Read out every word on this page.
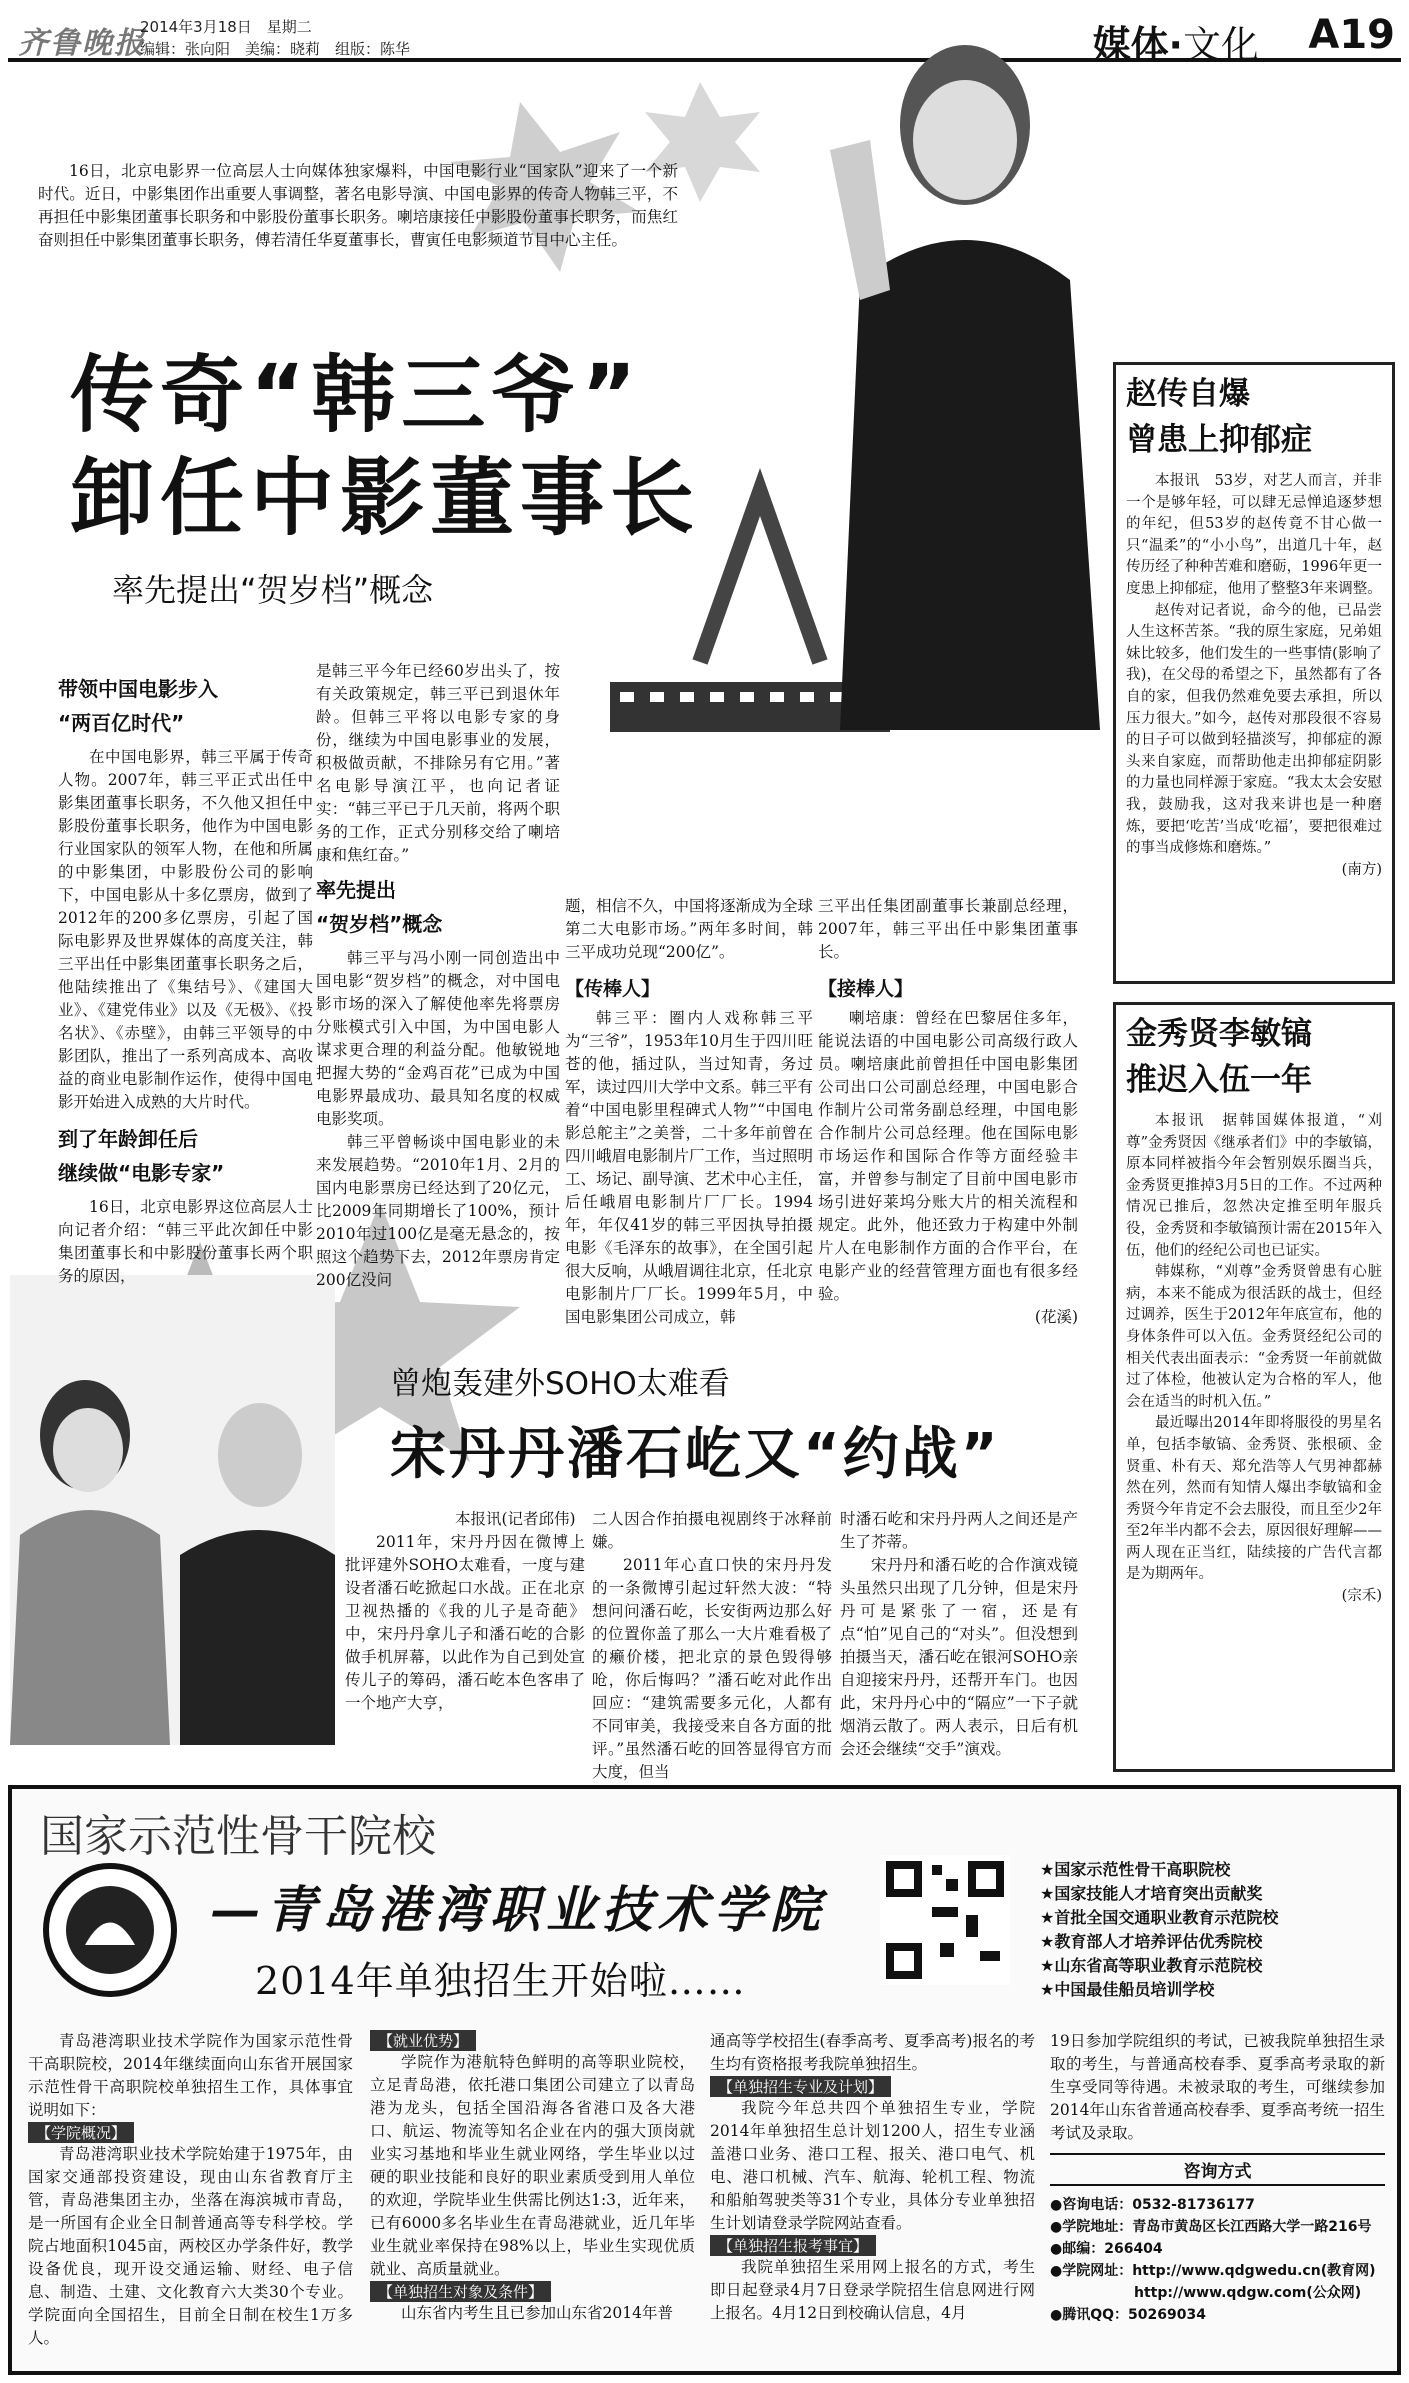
齐鲁晚报
2014年3月18日　星期二
编辑：张向阳　美编：晓莉　组版：陈华	媒体·文化 A19

16日，北京电影界一位高层人士向媒体独家爆料，中国电影行业“国家队”迎来了一个新时代。近日，中影集团作出重要人事调整，著名电影导演、中国电影界的传奇人物韩三平，不再担任中影集团董事长职务和中影股份董事长职务。喇培康接任中影股份董事长职务，而焦红奋则担任中影集团董事长职务，傅若清任华夏董事长，曹寅任电影频道节目中心主任。

传奇“韩三爷”
卸任中影董事长
率先提出“贺岁档”概念
带领中国电影步入
“两百亿时代”

在中国电影界，韩三平属于传奇人物。2007年，韩三平正式出任中影集团董事长职务，不久他又担任中影股份董事长职务，他作为中国电影行业国家队的领军人物，在他和所属的中影集团，中影股份公司的影响下，中国电影从十多亿票房，做到了2012年的200多亿票房，引起了国际电影界及世界媒体的高度关注，韩三平出任中影集团董事长职务之后，他陆续推出了《集结号》、《建国大业》、《建党伟业》以及《无极》、《投名状》、《赤壁》，由韩三平领导的中影团队，推出了一系列高成本、高收益的商业电影制作运作，使得中国电影开始进入成熟的大片时代。

到了年龄卸任后
继续做“电影专家”

16日，北京电影界这位高层人士向记者介绍：“韩三平此次卸任中影集团董事长和中影股份董事长两个职务的原因，

是韩三平今年已经60岁出头了，按有关政策规定，韩三平已到退休年龄。但韩三平将以电影专家的身份，继续为中国电影事业的发展，积极做贡献，不排除另有它用。”著名电影导演江平，也向记者证实：“韩三平已于几天前，将两个职务的工作，正式分别移交给了喇培康和焦红奋。”

率先提出
“贺岁档”概念

韩三平与冯小刚一同创造出中国电影“贺岁档”的概念，对中国电影市场的深入了解使他率先将票房分账模式引入中国，为中国电影人谋求更合理的利益分配。他敏锐地把握大势的“金鸡百花”已成为中国电影界最成功、最具知名度的权威电影奖项。

韩三平曾畅谈中国电影业的未来发展趋势。“2010年1月、2月的国内电影票房已经达到了20亿元，比2009年同期增长了100%，预计2010年过100亿是毫无悬念的，按照这个趋势下去，2012年票房肯定200亿没问

题，相信不久，中国将逐渐成为全球第二大电影市场。”两年多时间，韩三平成功兑现“200亿”。

【传棒人】

韩三平：圈内人戏称韩三平为“三爷”，1953年10月生于四川旺苍的他，插过队，当过知青，务过军，读过四川大学中文系。韩三平有着“中国电影里程碑式人物”“中国电影总舵主”之美誉，二十多年前曾在四川峨眉电影制片厂工作，当过照明工、场记、副导演、艺术中心主任，后任峨眉电影制片厂厂长。1994年，年仅41岁的韩三平因执导拍摄电影《毛泽东的故事》，在全国引起很大反响，从峨眉调往北京，任北京电影制片厂厂长。1999年5月，中国电影集团公司成立，韩

三平出任集团副董事长兼副总经理，2007年，韩三平出任中影集团董事长。

【接棒人】

喇培康：曾经在巴黎居住多年，能说法语的中国电影公司高级行政人员。喇培康此前曾担任中国电影集团公司出口公司副总经理，中国电影合作制片公司常务副总经理，中国电影合作制片公司总经理。他在国际电影市场运作和国际合作等方面经验丰富，并曾参与制定了目前中国电影市场引进好莱坞分账大片的相关流程和规定。此外，他还致力于构建中外制片人在电影制作方面的合作平台，在电影产业的经营管理方面也有很多经验。

(花溪)

赵传自爆
曾患上抑郁症

本报讯　53岁，对艺人而言，并非一个是够年轻，可以肆无忌惮追逐梦想的年纪，但53岁的赵传竟不甘心做一只“温柔”的“小小鸟”，出道几十年，赵传历经了种种苦难和磨砺，1996年更一度患上抑郁症，他用了整整3年来调整。

赵传对记者说，命今的他，已品尝人生这杯苦茶。“我的原生家庭，兄弟姐妹比较多，他们发生的一些事情(影响了我)，在父母的希望之下，虽然都有了各自的家，但我仍然难免要去承担，所以压力很大。”如今，赵传对那段很不容易的日子可以做到轻描淡写，抑郁症的源头来自家庭，而帮助他走出抑郁症阴影的力量也同样源于家庭。“我太太会安慰我，鼓励我，这对我来讲也是一种磨炼，要把‘吃苦’当成‘吃福’，要把很难过的事当成修炼和磨炼。”

(南方)

金秀贤李敏镐
推迟入伍一年

本报讯　据韩国媒体报道，“刈尊”金秀贤因《继承者们》中的李敏镐，原本同样被指今年会暂别娱乐圈当兵，金秀贤更推掉3月5日的工作。不过两种情况已推后，忽然决定推至明年服兵役，金秀贤和李敏镐预计需在2015年入伍，他们的经纪公司也已证实。

韩媒称，“刈尊”金秀贤曾患有心脏病，本来不能成为很活跃的战士，但经过调养，医生于2012年年底宣布，他的身体条件可以入伍。金秀贤经纪公司的相关代表出面表示：“金秀贤一年前就做过了体检，他被认定为合格的军人，他会在适当的时机入伍。”

最近曝出2014年即将服役的男星名单，包括李敏镐、金秀贤、张根硕、金贤重、朴有天、郑允浩等人气男神都赫然在列，然而有知情人爆出李敏镐和金秀贤今年肯定不会去服役，而且至少2年至2年半内都不会去，原因很好理解——两人现在正当红，陆续接的广告代言都是为期两年。

(宗禾)

曾炮轰建外SOHO太难看
宋丹丹潘石屹又“约战”

本报讯(记者邱伟)

2011年，宋丹丹因在微博上批评建外SOHO太难看，一度与建设者潘石屹掀起口水战。正在北京卫视热播的《我的儿子是奇葩》中，宋丹丹拿儿子和潘石屹的合影做手机屏幕，以此作为自己到处宣传儿子的筹码，潘石屹本色客串了一个地产大亨，

二人因合作拍摄电视剧终于冰释前嫌。

2011年心直口快的宋丹丹发的一条微博引起过轩然大波：“特想问问潘石屹，长安街两边那么好的位置你盖了那么一大片难看极了的癞价楼，把北京的景色毁得够呛，你后悔吗？”潘石屹对此作出回应：“建筑需要多元化，人都有不同审美，我接受来自各方面的批评。”虽然潘石屹的回答显得官方而大度，但当

时潘石屹和宋丹丹两人之间还是产生了芥蒂。

宋丹丹和潘石屹的合作演戏镜头虽然只出现了几分钟，但是宋丹丹可是紧张了一宿，还是有点“怕”见自己的“对头”。但没想到拍摄当天，潘石屹在银河SOHO亲自迎接宋丹丹，还帮开车门。也因此，宋丹丹心中的“隔应”一下子就烟消云散了。两人表示，日后有机会还会继续“交手”演戏。

国家示范性骨干院校
—青岛港湾职业技术学院
2014年单独招生开始啦……
★国家示范性骨干高职院校
★国家技能人才培育突出贡献奖
★首批全国交通职业教育示范院校
★教育部人才培养评估优秀院校
★山东省高等职业教育示范院校
★中国最佳船员培训学校

青岛港湾职业技术学院作为国家示范性骨干高职院校，2014年继续面向山东省开展国家示范性骨干高职院校单独招生工作，具体事宜说明如下：

【学院概况】

青岛港湾职业技术学院始建于1975年，由国家交通部投资建设，现由山东省教育厅主管，青岛港集团主办，坐落在海滨城市青岛，是一所国有企业全日制普通高等专科学校。学院占地面积1045亩，两校区办学条件好，教学设备优良，现开设交通运输、财经、电子信息、制造、土建、文化教育六大类30个专业。学院面向全国招生，目前全日制在校生1万多人。

【就业优势】

学院作为港航特色鲜明的高等职业院校，立足青岛港，依托港口集团公司建立了以青岛港为龙头，包括全国沿海各省港口及各大港口、航运、物流等知名企业在内的强大顶岗就业实习基地和毕业生就业网络，学生毕业以过硬的职业技能和良好的职业素质受到用人单位的欢迎，学院毕业生供需比例达1:3，近年来，已有6000多名毕业生在青岛港就业，近几年毕业生就业率保持在98%以上，毕业生实现优质就业、高质量就业。

【单独招生对象及条件】

山东省内考生且已参加山东省2014年普

通高等学校招生(春季高考、夏季高考)报名的考生均有资格报考我院单独招生。

【单独招生专业及计划】

我院今年总共四个单独招生专业，学院2014年单独招生总计划1200人，招生专业涵盖港口业务、港口工程、报关、港口电气、机电、港口机械、汽车、航海、轮机工程、物流和船舶驾驶类等31个专业，具体分专业单独招生计划请登录学院网站查看。

【单独招生报考事宜】

我院单独招生采用网上报名的方式，考生即日起登录4月7日登录学院招生信息网进行网上报名。4月12日到校确认信息，4月

19日参加学院组织的考试，已被我院单独招生录取的考生，与普通高校春季、夏季高考录取的新生享受同等待遇。未被录取的考生，可继续参加2014年山东省普通高校春季、夏季高考统一招生考试及录取。

咨询方式
●咨询电话：0532-81736177
●学院地址：青岛市黄岛区长江西路大学一路216号
●邮编：266404
●学院网址：http://www.qdgwedu.cn(教育网)
　　　　　　http://www.qdgw.com(公众网)
●腾讯QQ：50269034
